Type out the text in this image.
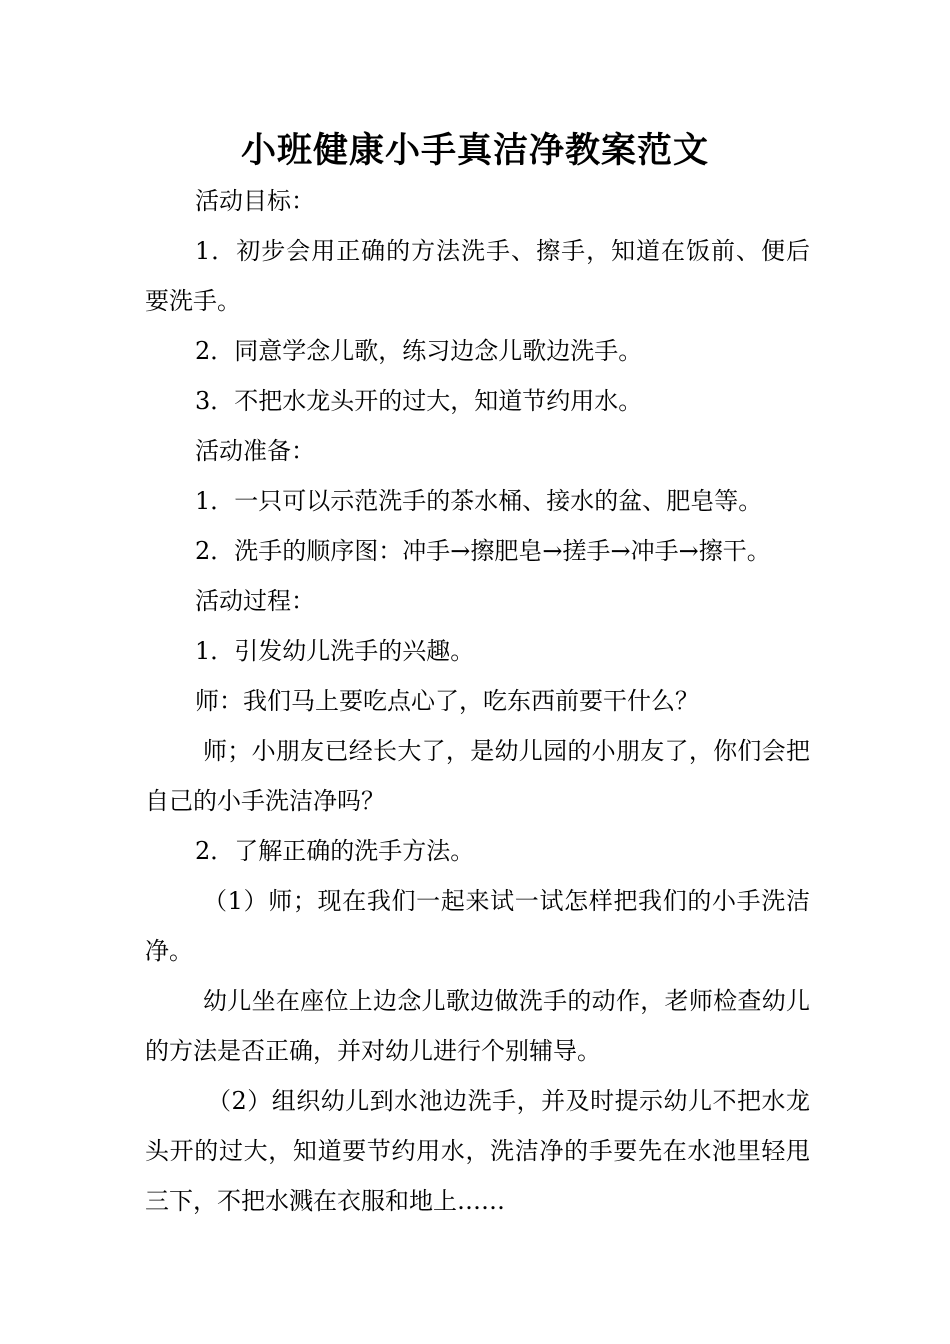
小班健康小手真洁净教案范文

活动目标：

1．初步会用正确的方法洗手、擦手，知道在饭前、便后要洗手。

2．同意学念儿歌，练习边念儿歌边洗手。

3．不把水龙头开的过大，知道节约用水。

活动准备：

1．一只可以示范洗手的茶水桶、接水的盆、肥皂等。

2．洗手的顺序图：冲手→擦肥皂→搓手→冲手→擦干。

活动过程：

1．引发幼儿洗手的兴趣。

师：我们马上要吃点心了，吃东西前要干什么？

师；小朋友已经长大了，是幼儿园的小朋友了，你们会把自己的小手洗洁净吗？

2．了解正确的洗手方法。

（1）师；现在我们一起来试一试怎样把我们的小手洗洁净。

幼儿坐在座位上边念儿歌边做洗手的动作，老师检查幼儿的方法是否正确，并对幼儿进行个别辅导。

（2）组织幼儿到水池边洗手，并及时提示幼儿不把水龙头开的过大，知道要节约用水，洗洁净的手要先在水池里轻甩三下，不把水溅在衣服和地上……
